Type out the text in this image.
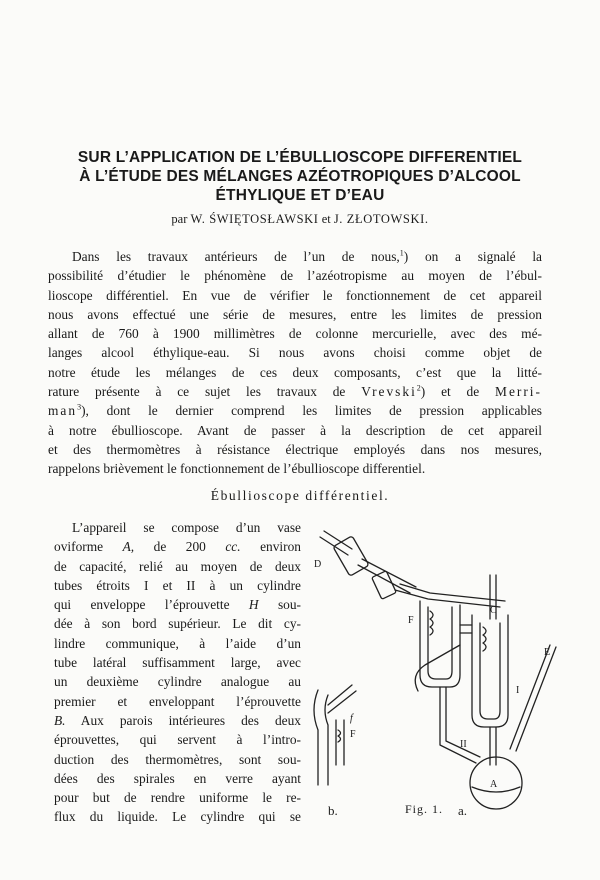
SUR L’APPLICATION DE L’ÉBULLIOSCOPE DIFFERENTIEL
À L’ÉTUDE DES MÉLANGES AZÉOTROPIQUES D’ALCOOL
ÉTHYLIQUE ET D’EAU
par W. ŚWIĘTOSŁAWSKI et J. ZŁOTOWSKI.
Dans les travaux antérieurs de l’un de nous,$^1$) on a signalé la
possibilité d’étudier le phénomène de l’azéotropisme au moyen de l’ébul-
lioscope différentiel. En vue de vérifier le fonctionnement de cet appareil
nous avons effectué une série de mesures, entre les limites de pression
allant de 760 à 1900 millimètres de colonne mercurielle, avec des mé-
langes alcool éthylique-eau. Si nous avons choisi comme objet de
notre étude les mélanges de ces deux composants, c’est que la litté-
rature présente à ce sujet les travaux de Vrevski$^2$) et de Merri-
man$^3$), dont le dernier comprend les limites de pression applicables
à notre ébullioscope. Avant de passer à la description de cet appareil
et des thermomètres à résistance électrique employés dans nos mesures,
rappelons brièvement le fonctionnement de l’ébullioscope differentiel.
Ébullioscope différentiel.
L’appareil se compose d’un vase
oviforme A, de 200 cc. environ
de capacité, relié au moyen de deux
tubes étroits I et II à un cylindre
qui enveloppe l’éprouvette H sou-
dée à son bord supérieur. Le dit cy-
lindre communique, à l’aide d’un
tube latéral suffisamment large, avec
un deuxième cylindre analogue au
premier et enveloppant l’éprouvette
B. Aux parois intérieures des deux
éprouvettes, qui servent à l’intro-
duction des thermomètres, sont sou-
dées des spirales en verre ayant
pour but de rendre uniforme le re-
flux du liquide. Le cylindre qui se
D
F
F
f
C
E
I
II
A
a.
b.	Fig. 1.
